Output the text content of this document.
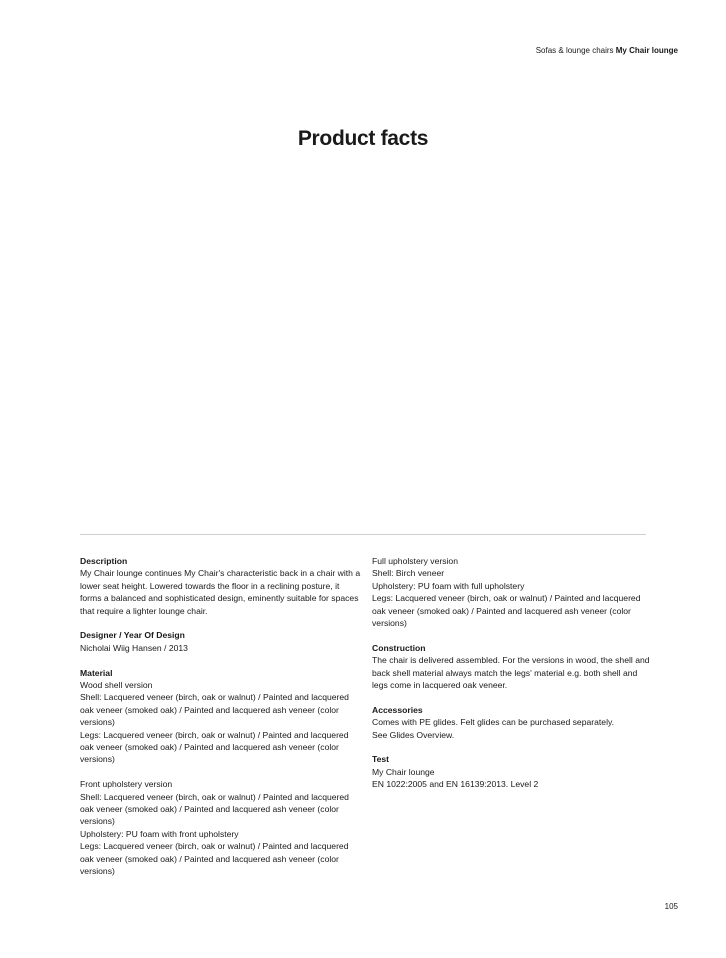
Sofas & lounge chairs My Chair lounge
Product facts
Description

My Chair lounge continues My Chair's characteristic back in a chair with a lower seat height. Lowered towards the floor in a reclining posture, it forms a balanced and sophisticated design, eminently suitable for spaces that require a lighter lounge chair.

Designer / Year Of Design

Nicholai Wiig Hansen / 2013

Material

Wood shell version

Shell: Lacquered veneer (birch, oak or walnut) / Painted and lacquered oak veneer (smoked oak) / Painted and lacquered ash veneer (color versions)

Legs: Lacquered veneer (birch, oak or walnut) / Painted and lacquered oak veneer (smoked oak) / Painted and lacquered ash veneer (color versions)

Front upholstery version

Shell: Lacquered veneer (birch, oak or walnut) / Painted and lacquered oak veneer (smoked oak) / Painted and lacquered ash veneer (color versions)

Upholstery: PU foam with front upholstery

Legs: Lacquered veneer (birch, oak or walnut) / Painted and lacquered oak veneer (smoked oak) / Painted and lacquered ash veneer (color versions)

Full upholstery version

Shell: Birch veneer

Upholstery: PU foam with full upholstery

Legs: Lacquered veneer (birch, oak or walnut) / Painted and lacquered oak veneer (smoked oak) / Painted and lacquered ash veneer (color versions)

Construction

The chair is delivered assembled. For the versions in wood, the shell and back shell material always match the legs' material e.g. both shell and legs come in lacquered oak veneer.

Accessories

Comes with PE glides. Felt glides can be purchased separately.

See Glides Overview.

Test

My Chair lounge

EN 1022:2005 and EN 16139:2013. Level 2

105
